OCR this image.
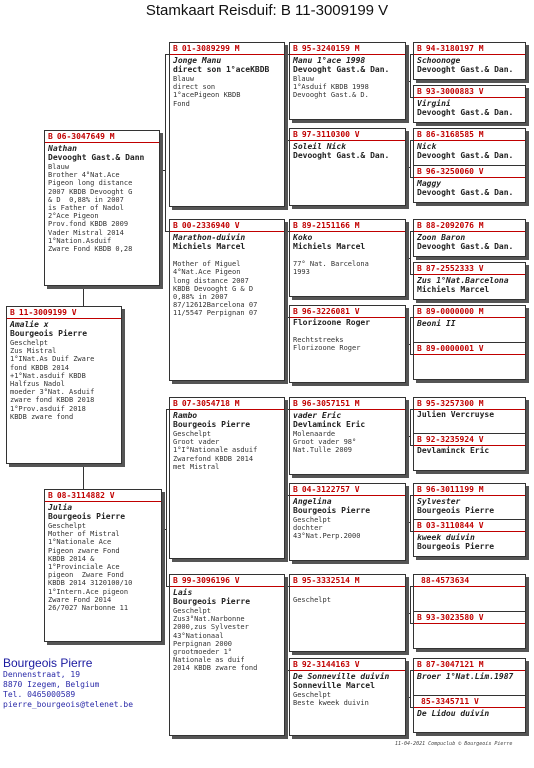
Stamkaart Reisduif: B 11-3009199 V
B 11-3009199 V
Amalie x
Bourgeois Pierre
Geschelpt
Zus Mistral
1°INat.As Duif Zware
fond KBDB 2014
+1°Nat.asduif KBDB
Halfzus Nadol
moeder 3°Nat. Asduif
zware fond KBDB 2018
1°Prov.asduif 2018
KBDB zware fond
B 06-3047649 M
Nathan
Devooght Gast.& Dann
Blauw
Brother 4°Nat.Ace
Pigeon long distance
2007 KBDB Devooght G
& D  0,88% in 2007
is Father of Nadol
2°Ace Pigeon
Prov.fond KBDB 2009
Vader Mistral 2014
1°Nation.Asduif
Zware Fond KBDB 0,28
B 08-3114882 V
Julia
Bourgeois Pierre
Geschelpt
Mother of Mistral
1°Nationale Ace
Pigeon zware Fond
KBDB 2014 &
1°Provinciale Ace
pigeon  Zware Fond
KBDB 2014 3120100/10
1°Intern.Ace pigeon
Zware Fond 2014
26/7027 Narbonne 11
B 01-3089299 M
Jonge Manu
direct son 1°aceKBDB
Blauw
direct son
1°acePigeon KBDB
Fond
B 00-2336940 V
Marathon-duivin
Michiels Marcel

Mother of Miguel
4°Nat.Ace Pigeon
long distance 2007
KBDB Devooght G & D
0,88% in 2007
87/12612Barcelona 07
11/5547 Perpignan 07
B 07-3054718 M
Rambo
Bourgeois Pierre
Geschelpt
Groot vader
1°I°Nationale asduif
Zwarefond KBDB 2014
met Mistral
B 99-3096196 V
Lais
Bourgeois Pierre
Geschelpt
Zus3°Nat.Narbonne
2000,zus Sylvester
43°Nationaal
Perpignan 2000
grootmoeder 1°
Nationale as duif
2014 KBDB zware fond
B 95-3240159 M
Manu 1°ace 1998
Devooght Gast.& Dan.
Blauw
1°Asduif KBDB 1998
Devooght Gast.& D.
B 97-3110300 V
Soleil Nick
Devooght Gast.& Dan.
B 89-2151166 M
Koko
Michiels Marcel

77° Nat. Barcelona
1993
B 96-3226081 V
Florizoone Roger

Rechtstreeks
Florizoone Roger
B 96-3057151 M
vader Eric
Devlaminck Eric
Molenaarde
Groot vader 98°
Nat.Tulle 2009
B 04-3122757 V
Angelina
Bourgeois Pierre
Geschelpt
dochter
43°Nat.Perp.2000
B 95-3332514 M

Geschelpt
B 92-3144163 V
De Sonneville duivin
Sonneville Marcel
Geschelpt
Beste kweek duivin
B 94-3180197 M
Schoonoge
Devooght Gast.& Dan.
B 93-3000883 V
Virgini
Devooght Gast.& Dan.
B 86-3168585 M
Nick
Devooght Gast.& Dan.
B 96-3250060 V
Maggy
Devooght Gast.& Dan.
B 88-2092076 M
Zoon Baron
Devooght Gast.& Dan.
B 87-2552333 V
Zus 1°Nat.Barcelona
Michiels Marcel
B 89-0000000 M
Beoni II
B 89-0000001 V
B 95-3257300 M
Julien Vercruyse
B 92-3235924 V
Devlaminck Eric
B 96-3011199 M
Sylvester
Bourgeois Pierre
B 03-3110844 V
kweek duivin
Bourgeois Pierre
88-4573634
B 93-3023580 V
B 87-3047121 M
Broer 1°Nat.Lim.1987
85-3345711 V
De Lidou duivin
Bourgeois Pierre
Dennenstraat, 19
8870 Izegem, Belgium
Tel. 0465000589
pierre_bourgeois@telenet.be
11-04-2021 Compuclub © Bourgeois Pierre
